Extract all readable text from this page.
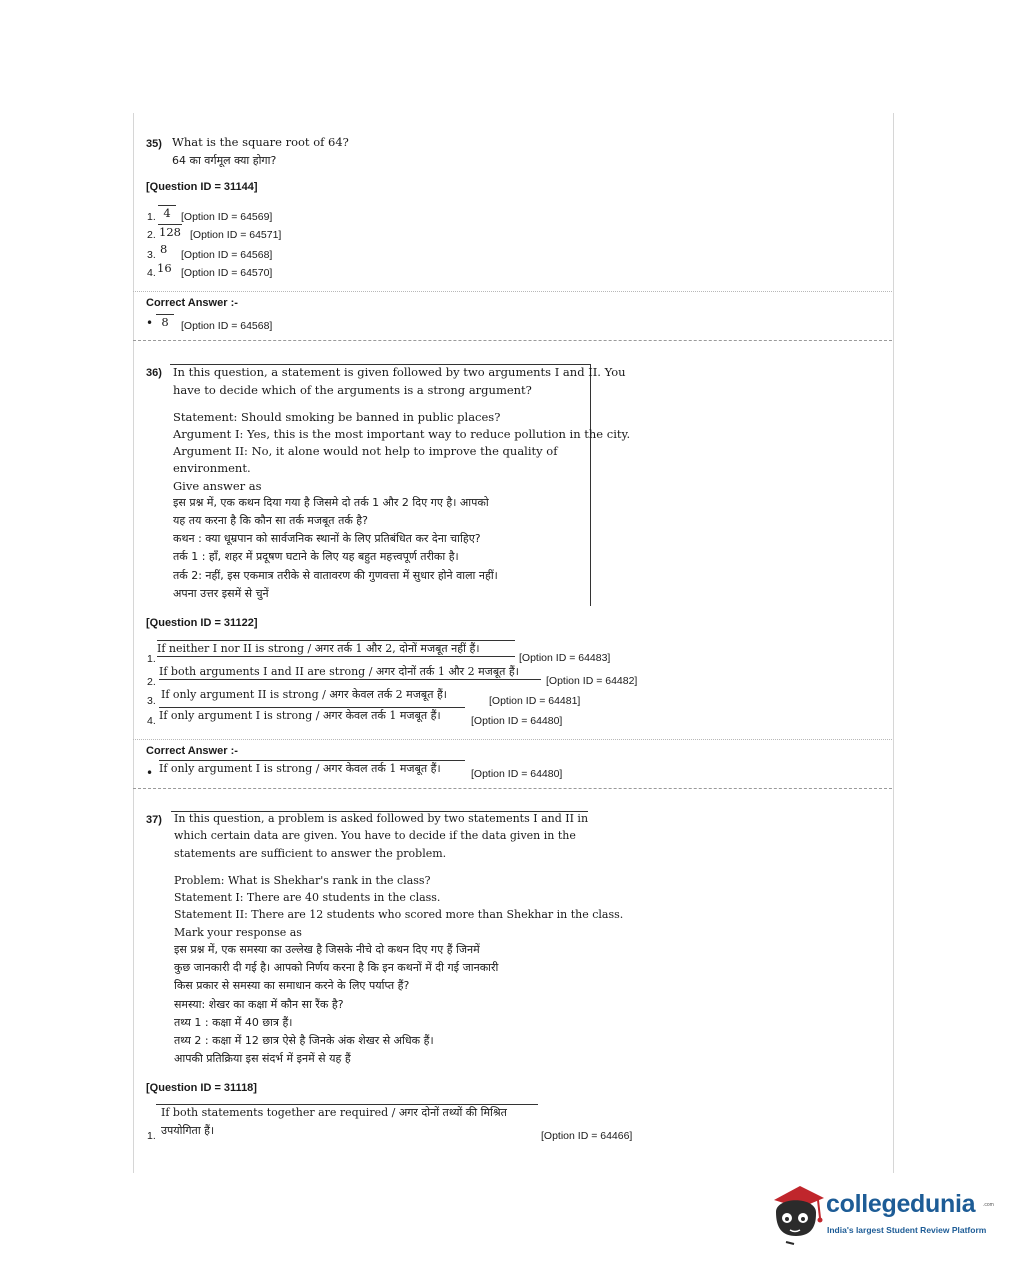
35) What is the square root of 64?
64 का वर्गमूल क्या होगा?
[Question ID = 31144]
1. 4 [Option ID = 64569]
2. 128 [Option ID = 64571]
3. 8 [Option ID = 64568]
4. 16 [Option ID = 64570]
Correct Answer :-
• 8	[Option ID = 64568]
36) In this question, a statement is given followed by two arguments I and II. You
have to decide which of the arguments is a strong argument?
Statement: Should smoking be banned in public places?
Argument I: Yes, this is the most important way to reduce pollution in the city.
Argument II: No, it alone would not help to improve the quality of
environment.
Give answer as
इस प्रश्न में, एक कथन दिया गया है जिसमे दो तर्क 1 और 2 दिए गए है। आपको
यह तय करना है कि कौन सा तर्क मजबूत तर्क है?
कथन : क्या धूम्रपान को सार्वजनिक स्थानों के लिए प्रतिबंधित कर देना चाहिए?
तर्क 1 : हाँ, शहर में प्रदूषण घटाने के लिए यह बहुत महत्त्वपूर्ण तरीका है।
तर्क 2: नहीं, इस एकमात्र तरीके से वातावरण की गुणवत्ता में सुधार होने वाला नहीं।
अपना उत्तर इसमें से चुनें
[Question ID = 31122]
1.
If neither I nor II is strong / अगर तर्क 1 और 2, दोनों मजबूत नहीं हैं।
[Option ID = 64483]
2.
If both arguments I and II are strong / अगर दोनों तर्क 1 और 2 मजबूत हैं।
[Option ID = 64482]
3. If only argument II is strong / अगर केवल तर्क 2 मजबूत हैं।	[Option ID = 64481]
4. If only argument I is strong / अगर केवल तर्क 1 मजबूत हैं।	[Option ID = 64480]
Correct Answer :-
• If only argument I is strong / अगर केवल तर्क 1 मजबूत हैं।	[Option ID = 64480]
37) In this question, a problem is asked followed by two statements I and II in
which certain data are given. You have to decide if the data given in the
statements are sufficient to answer the problem.
Problem: What is Shekhar's rank in the class?
Statement I: There are 40 students in the class.
Statement II: There are 12 students who scored more than Shekhar in the class.
Mark your response as
इस प्रश्न में, एक समस्या का उल्लेख है जिसके नीचे दो कथन दिए गए हैं जिनमें
कुछ जानकारी दी गई है। आपको निर्णय करना है कि इन कथनों में दी गई जानकारी
किस प्रकार से समस्या का समाधान करने के लिए पर्याप्त हैं?
समस्या: शेखर का कक्षा में कौन सा रैंक है?
तथ्य 1 : कक्षा में 40 छात्र हैं।
तथ्य 2 : कक्षा में 12 छात्र ऐसे है जिनके अंक शेखर से अधिक हैं।
आपकी प्रतिक्रिया इस संदर्भ में इनमें से यह हैं
[Question ID = 31118]
1.
If both statements together are required / अगर दोनों तथ्यों की मिश्रित
उपयोगिता हैं।	[Option ID = 64466]
collegedunia .com
India's largest Student Review Platform
